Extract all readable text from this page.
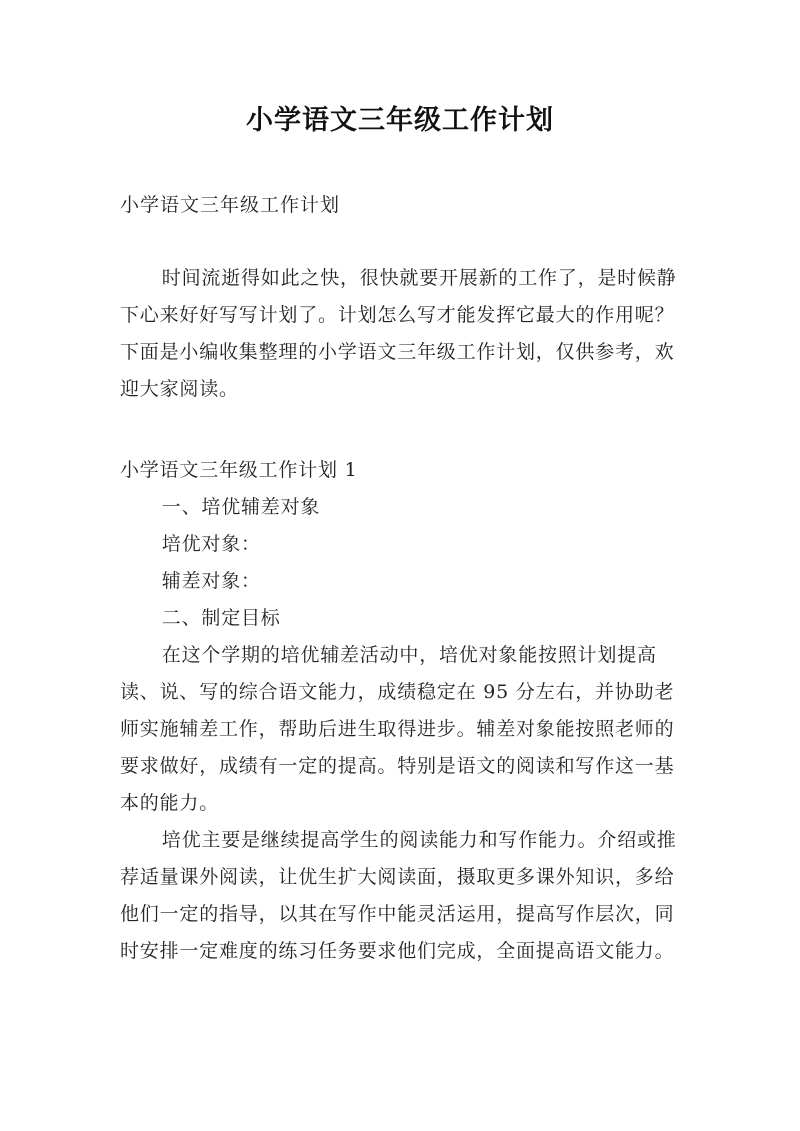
小学语文三年级工作计划
小学语文三年级工作计划
时间流逝得如此之快，很快就要开展新的工作了，是时候静下心来好好写写计划了。计划怎么写才能发挥它最大的作用呢？下面是小编收集整理的小学语文三年级工作计划，仅供参考，欢迎大家阅读。

小学语文三年级工作计划 1

一、培优辅差对象

培优对象：

辅差对象：

二、制定目标

在这个学期的培优辅差活动中，培优对象能按照计划提高读、说、写的综合语文能力，成绩稳定在 95 分左右，并协助老师实施辅差工作，帮助后进生取得进步。辅差对象能按照老师的要求做好，成绩有一定的提高。特别是语文的阅读和写作这一基本的能力。

培优主要是继续提高学生的阅读能力和写作能力。介绍或推荐适量课外阅读，让优生扩大阅读面，摄取更多课外知识，多给他们一定的指导，以其在写作中能灵活运用，提高写作层次，同时安排一定难度的练习任务要求他们完成，全面提高语文能力。
